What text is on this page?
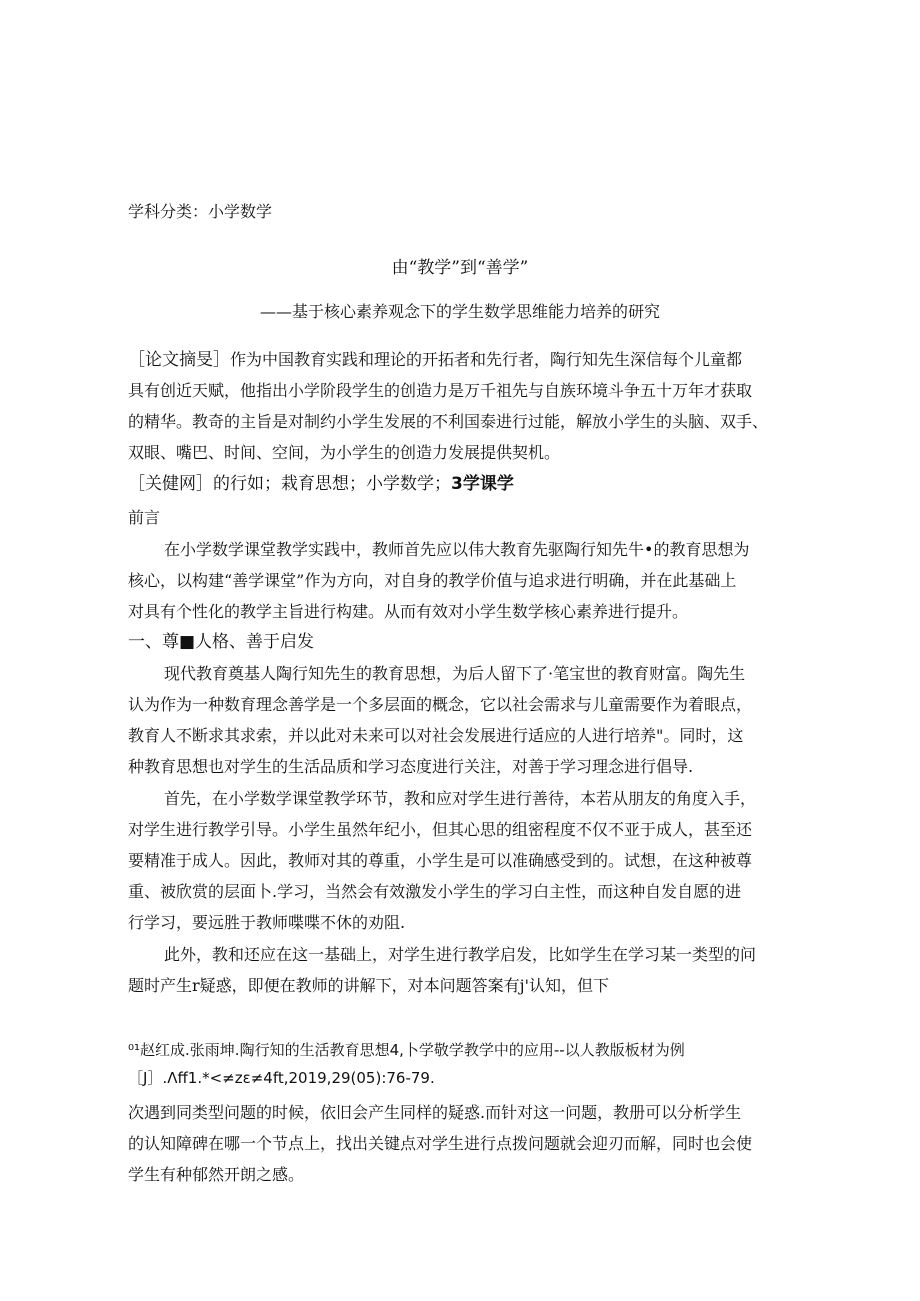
学科分类：小学数学
由“教学”到“善学”
——基于核心素养观念下的学生数学思维能力培养的研究
［论文摘旻］作为中国教育实践和理论的开拓者和先行者，陶行知先生深信每个儿童都
具有创近天赋，他指出小学阶段学生的创造力是万千祖先与自族环境斗争五十万年才获取
的精华。教奇的主旨是对制约小学生发展的不利国泰进行过能，解放小学生的头脑、双手、
双眼、嘴巴、时间、空间，为小学生的创造力发展提供契机。
［关健网］的行如；栽育思想；小学数学；3学课学
前言
在小学数学课堂教学实践中，教师首先应以伟大教育先驱陶行知先牛•的教育思想为
核心，以构建“善学课堂”作为方向，对自身的教学价值与追求进行明确，并在此基础上
对具有个性化的教学主旨进行构建。从而有效对小学生数学核心素养进行提升。
一、尊■人格、善于启发
现代教育奠基人陶行知先生的教育思想，为后人留下了·笔宝世的教育财富。陶先生
认为作为一种数育理念善学是一个多层面的概念，它以社会需求与儿童需要作为着眼点，
教育人不断求其求索，并以此对未来可以对社会发展进行适应的人进行培养"。同时，这
种教育思想也对学生的生活品质和学习态度进行关注，对善于学习理念进行倡导.
首先，在小学数学课堂教学环节，教和应对学生进行善待，本若从朋友的角度入手，
对学生进行教学引导。小学生虽然年纪小，但其心思的组密程度不仅不亚于成人，甚至还
要精准于成人。因此，教师对其的尊重，小学生是可以准确感受到的。试想，在这种被尊
重、被欣赏的层面卜.学习，当然会有效激发小学生的学习白主性，而这种自发自愿的进
行学习，要远胜于教师喋喋不休的劝阻.
此外，教和还应在这一基础上，对学生进行教学启发，比如学生在学习某一类型的问
题时产生r疑惑，即便在教师的讲解下，对本问题答案有j'认知，但下
⁰¹赵红成.张雨坤.陶行知的生活教育思想4,卜学敬学教学中的应用--以人教版板材为例
［J］.Λff1.*<≠zε≠4ft,2019,29(05):76-79.
次遇到同类型问题的时候，依旧会产生同样的疑惑.而针对这一问题，教册可以分析学生
的认知障碑在哪一个节点上，找出关键点对学生进行点拨问题就会迎刃而解，同时也会使
学生有种郁然开朗之感。
